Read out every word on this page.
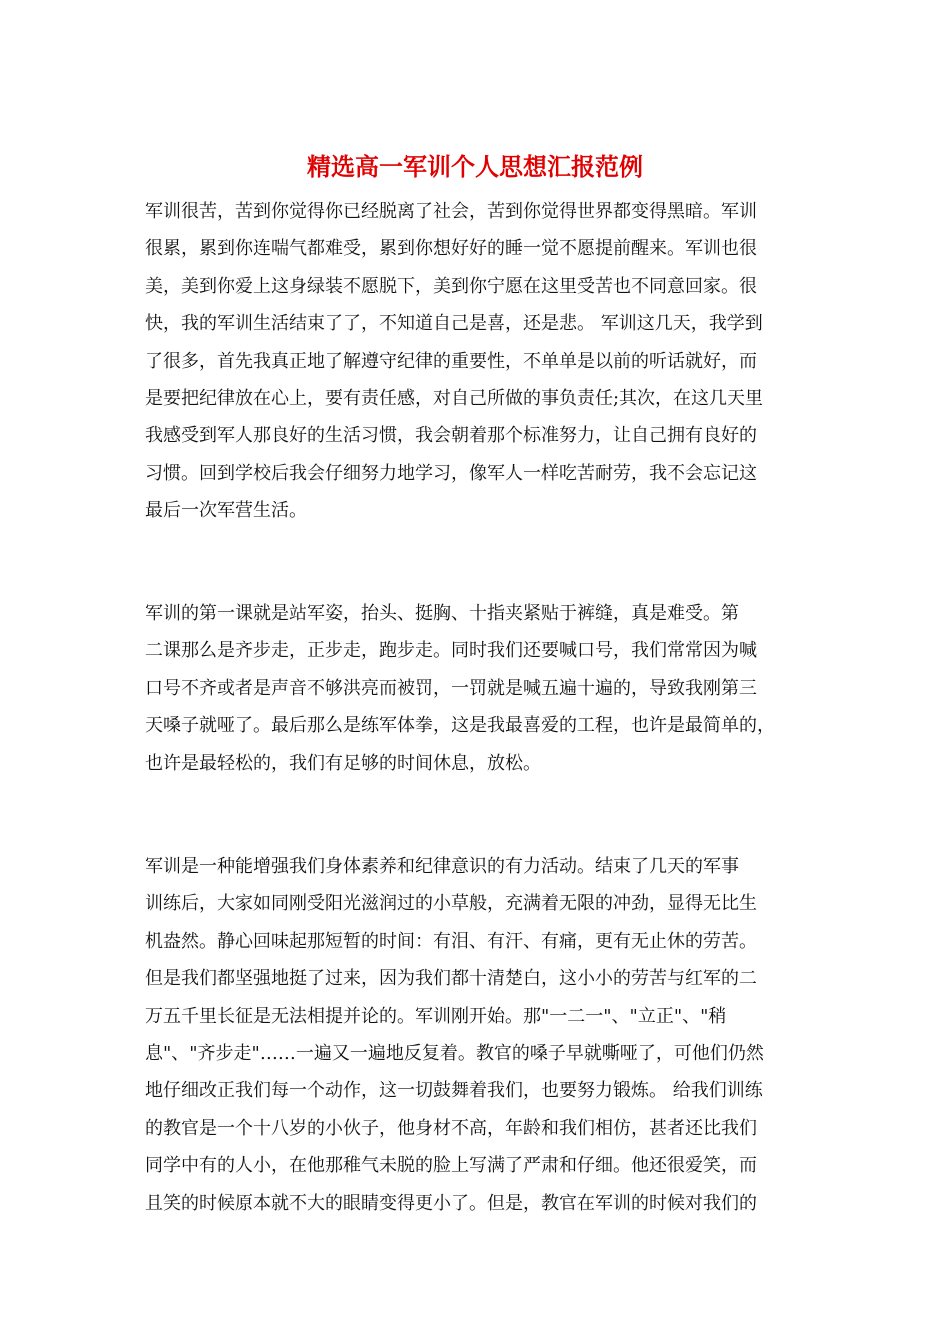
精选高一军训个人思想汇报范例
军训很苦，苦到你觉得你已经脱离了社会，苦到你觉得世界都变得黑暗。军训
很累，累到你连喘气都难受，累到你想好好的睡一觉不愿提前醒来。军训也很
美，美到你爱上这身绿装不愿脱下，美到你宁愿在这里受苦也不同意回家。很
快，我的军训生活结束了了，不知道自己是喜，还是悲。 军训这几天，我学到
了很多，首先我真正地了解遵守纪律的重要性，不单单是以前的听话就好，而
是要把纪律放在心上，要有责任感，对自己所做的事负责任;其次，在这几天里
我感受到军人那良好的生活习惯，我会朝着那个标准努力，让自己拥有良好的
习惯。回到学校后我会仔细努力地学习，像军人一样吃苦耐劳，我不会忘记这
最后一次军营生活。
军训的第一课就是站军姿，抬头、挺胸、十指夹紧贴于裤缝，真是难受。第
二课那么是齐步走，正步走，跑步走。同时我们还要喊口号，我们常常因为喊
口号不齐或者是声音不够洪亮而被罚，一罚就是喊五遍十遍的，导致我刚第三
天嗓子就哑了。最后那么是练军体拳，这是我最喜爱的工程，也许是最简单的，
也许是最轻松的，我们有足够的时间休息，放松。
军训是一种能增强我们身体素养和纪律意识的有力活动。结束了几天的军事
训练后，大家如同刚受阳光滋润过的小草般，充满着无限的冲劲，显得无比生
机盎然。静心回味起那短暂的时间：有泪、有汗、有痛，更有无止休的劳苦。
但是我们都坚强地挺了过来，因为我们都十清楚白，这小小的劳苦与红军的二
万五千里长征是无法相提并论的。军训刚开始。那"一二一"、"立正"、"稍
息"、"齐步走"……一遍又一遍地反复着。教官的嗓子早就嘶哑了，可他们仍然
地仔细改正我们每一个动作，这一切鼓舞着我们，也要努力锻炼。 给我们训练
的教官是一个十八岁的小伙子，他身材不高，年龄和我们相仿，甚者还比我们
同学中有的人小，在他那稚气未脱的脸上写满了严肃和仔细。他还很爱笑，而
且笑的时候原本就不大的眼睛变得更小了。但是，教官在军训的时候对我们的
